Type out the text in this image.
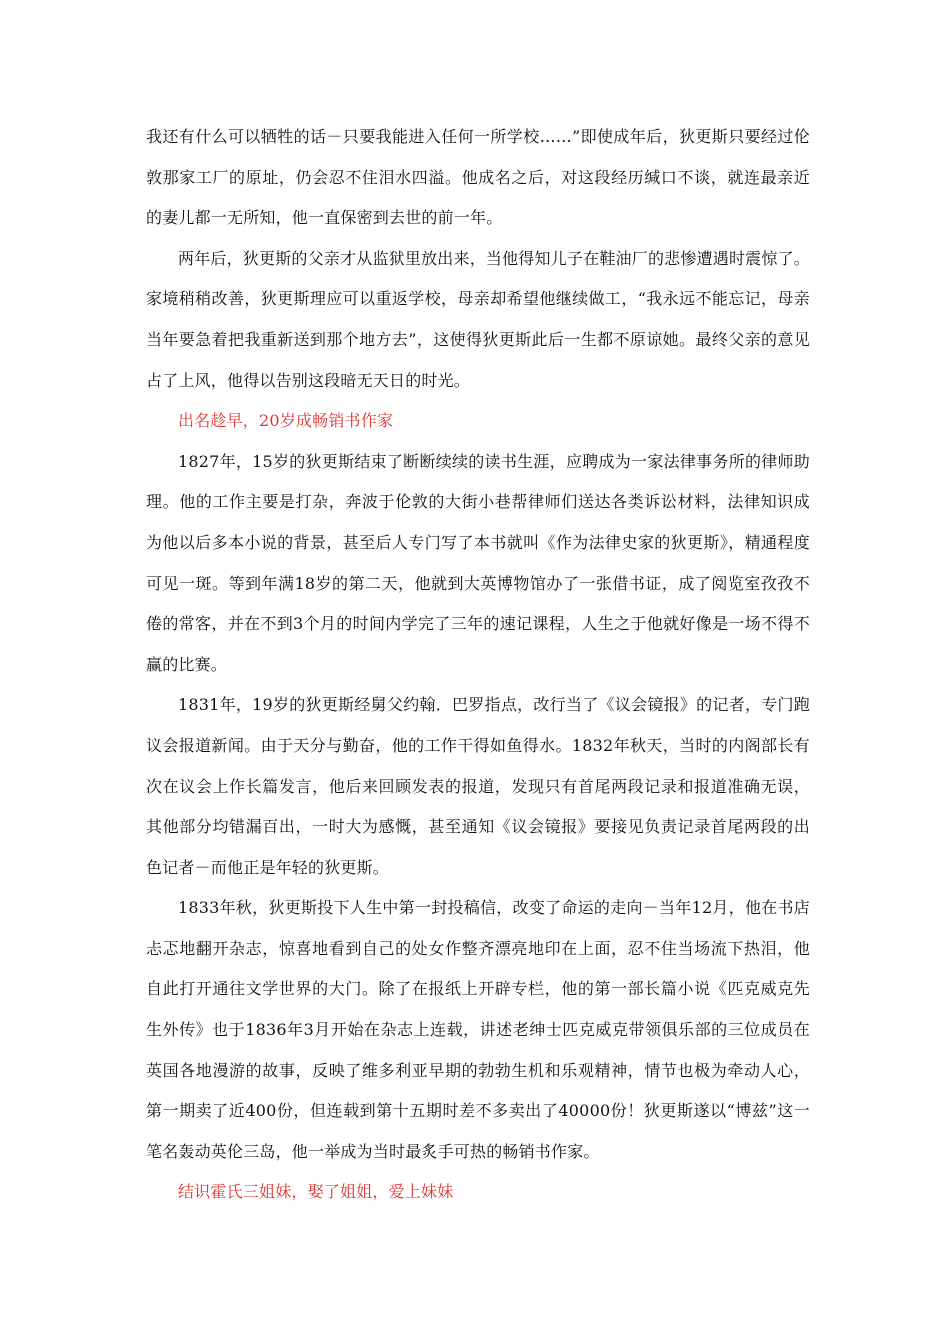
我还有什么可以牺牲的话－只要我能进入任何一所学校……”即使成年后，狄更斯只要经过伦敦那家工厂的原址，仍会忍不住泪水四溢。他成名之后，对这段经历缄口不谈，就连最亲近的妻儿都一无所知，他一直保密到去世的前一年。

两年后，狄更斯的父亲才从监狱里放出来，当他得知儿子在鞋油厂的悲惨遭遇时震惊了。家境稍稍改善，狄更斯理应可以重返学校，母亲却希望他继续做工，“我永远不能忘记，母亲当年要急着把我重新送到那个地方去”，这使得狄更斯此后一生都不原谅她。最终父亲的意见占了上风，他得以告别这段暗无天日的时光。

出名趁早，20岁成畅销书作家

1827年，15岁的狄更斯结束了断断续续的读书生涯，应聘成为一家法律事务所的律师助理。他的工作主要是打杂，奔波于伦敦的大街小巷帮律师们送达各类诉讼材料，法律知识成为他以后多本小说的背景，甚至后人专门写了本书就叫《作为法律史家的狄更斯》，精通程度可见一斑。等到年满18岁的第二天，他就到大英博物馆办了一张借书证，成了阅览室孜孜不倦的常客，并在不到3个月的时间内学完了三年的速记课程，人生之于他就好像是一场不得不赢的比赛。

1831年，19岁的狄更斯经舅父约翰．巴罗指点，改行当了《议会镜报》的记者，专门跑议会报道新闻。由于天分与勤奋，他的工作干得如鱼得水。1832年秋天，当时的内阁部长有次在议会上作长篇发言，他后来回顾发表的报道，发现只有首尾两段记录和报道准确无误，其他部分均错漏百出，一时大为感慨，甚至通知《议会镜报》要接见负责记录首尾两段的出色记者－而他正是年轻的狄更斯。

1833年秋，狄更斯投下人生中第一封投稿信，改变了命运的走向－当年12月，他在书店忐忑地翻开杂志，惊喜地看到自己的处女作整齐漂亮地印在上面，忍不住当场流下热泪，他自此打开通往文学世界的大门。除了在报纸上开辟专栏，他的第一部长篇小说《匹克威克先生外传》也于1836年3月开始在杂志上连载，讲述老绅士匹克威克带领俱乐部的三位成员在英国各地漫游的故事，反映了维多利亚早期的勃勃生机和乐观精神，情节也极为牵动人心，第一期卖了近400份，但连载到第十五期时差不多卖出了40000份！狄更斯遂以“博兹”这一笔名轰动英伦三岛，他一举成为当时最炙手可热的畅销书作家。

结识霍氏三姐妹，娶了姐姐，爱上妹妹
